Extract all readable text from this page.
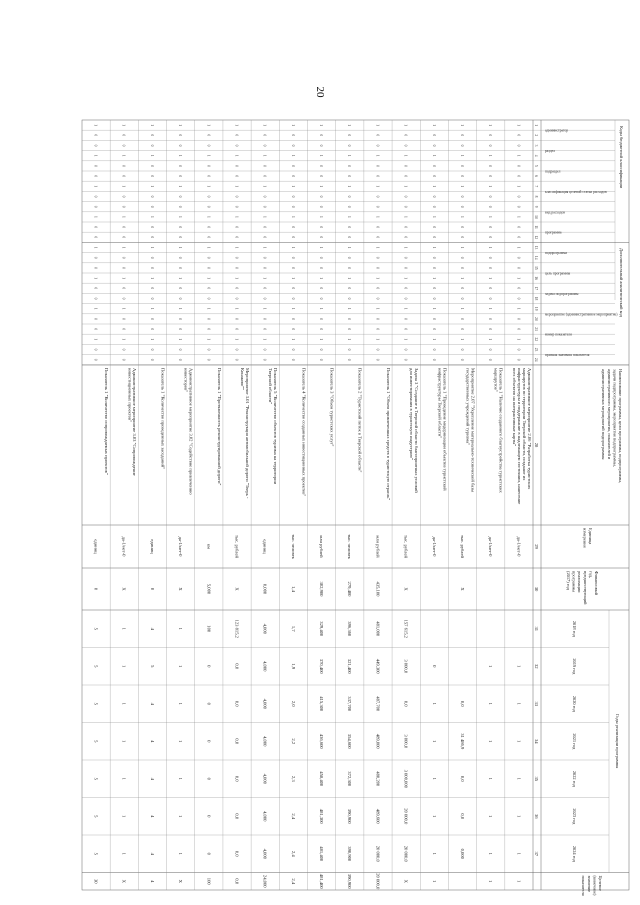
20
Коды бюджетной классификации
Дополнительный аналитический код
Наименование программы, цели программы, подпрограммы,
задачи подпрограммы, мероприятия подпрограммы,
административного мероприятия, показателей и
административных мероприятий подпрограммы
Единица
измерения
Финансовый
год,
предшествующий
реализации
программы
(2017) год
Годы реализации программы
Целевое
(конечное)
значение
показателя
администратор
раздел
подраздел
классификация целевой статьи расходов
вид расходов
программа
подпрограмма
цель программы
задача подпрограммы
мероприятие (административное мероприятие)
номер показателя
признак значения показателя
2018 год
2019 год
2020 год
2021 год
2022 год
2023 год
2024 год
28
29
30
31
32
33
34
35
36
37
1
2
3
4
5
6
7
8
9
10
11
12
13
14
15
16
17
18
19
20
21
22
23
24
1
0
0
1
0
0
1
0
0
1
0
0
1
0
0
1
0
0
1
0
0
1
0
0
Административное мероприятие 2.06 "Разработка туристских
маршрутов по территории Тверской области, создание их
инфраструктуры и поддержание в надлежащем состоянии, нанесение
всех объектов на интерактивные карты"
да-1/нет-0
1
1
1
1
1
1
1
1
0
0
1
0
0
1
0
0
1
0
0
1
0
0
1
0
0
1
0
0
1
0
0
Показатель 1 "Наличие созданного благоустройства туристских
маршрутов"
да-1/нет-0
1
1
1
1
1
1
1
1
0
0
1
0
0
1
0
0
1
0
0
1
0
0
1
0
0
1
0
0
1
0
0
Мероприятие 2.07 "Укрепление материально-технической базы
государственных учреждений туризма"
тыс. рублей
X
0,0
31 486,9
0,0
0,0
0,000
1
0
0
1
0
0
1
0
0
1
0
0
1
0
0
1
0
0
1
0
0
1
0
0
Показатель 1 "Проведение модернизации объектов туристской
инфраструктуры Тверской области"
да-1/нет-0
0
1
1
1
1
1
1
1
0
0
1
0
0
1
0
0
1
0
0
1
0
0
1
0
0
1
0
0
1
0
0
Задача 3 "Создание в Тверской области благоприятных условий
для инвестирования в туристскую индустрию"
тыс. рублей
X
157 615,2
3 000,0
0,0
3 000,0
3 000,000
20 000,0
20 000,0
X
1
0
0
1
0
0
1
0
0
1
0
0
1
0
0
1
0
0
1
0
0
1
0
0
Показатель 1 "Объем привлеченных средств в туристскую отрасль"
млн рублей
435,100
481,000
449,300
487,700
489,000
480,200
489,600
20 000,0
20 000,0
1
0
0
1
0
0
1
0
0
1
0
0
1
0
0
1
0
0
1
0
0
1
0
0
Показатель 2 "Туристский поток в Тверской области"
тыс. человек
279,400
396,360
321,400
337,700
354,600
372,300
390,900
390,900
390,900
1
0
0
1
0
0
1
0
0
1
0
0
1
0
0
1
0
0
1
0
0
1
0
0
Показатель 3 "Объем туристских услуг"
млн рублей
302,900
329,400
370,400
415,300
436,600
458,400
481,300
481,400
481,400
1
0
0
1
0
0
1
0
0
1
0
0
1
0
0
1
0
0
1
0
0
1
0
0
Показатель 4 "Количество созданных инвестиционных проектов"
тыс. человек
1,4
1,7
1,9
2,0
2,2
2,3
2,4
2,4
2,4
1
0
0
1
0
0
1
0
0
1
0
0
1
0
0
1
0
0
1
0
0
1
0
0
Показатель 5 "Количество объектов туризма на территории
Тверской области"
единиц
0,000
4,000
4,000
4,000
4,000
4,000
4,000
4,000
24,000
1
0
0
1
0
0
1
0
0
1
0
0
1
0
0
1
0
0
1
0
0
1
0
0
Мероприятие 3.01 "Реконструкция автомобильной дороги "Тверь -
Конаково""
тыс. рублей
X
123 815,2
0,0
0,0
0,0
0,0
0,0
0,0
0,0
1
0
0
1
0
0
1
0
0
1
0
0
1
0
0
1
0
0
1
0
0
1
0
0
Показатель 1 "Протяженность реконструированной дороги"
км
5,000
100
0
0
0
0
0
0
100
1
0
0
1
0
0
1
0
0
1
0
0
1
0
0
1
0
0
1
0
0
1
0
0
Административное мероприятие 3.02 "Содействие привлечению
инвесторов"
да-1/нет-0
X
1
1
1
1
1
1
1
X
1
0
0
1
0
0
1
0
0
1
0
0
1
0
0
1
0
0
1
0
0
1
0
0
Показатель 1 "Количество проведенных заседаний"
единиц
0
4
5
4
4
4
4
4
4
1
0
0
1
0
0
1
0
0
1
0
0
1
0
0
1
0
0
1
0
0
1
0
0
Административное мероприятие 3.03 "Сопровождение
инвестиционных проектов"
да-1/нет-0
X
1
1
1
1
1
1
1
X
1
0
0
1
0
0
1
0
0
1
0
0
1
0
0
1
0
0
1
0
0
1
0
0
Показатель 1 "Количество сопровождаемых проектов"
единиц
0
5
5
5
5
5
5
5
30
